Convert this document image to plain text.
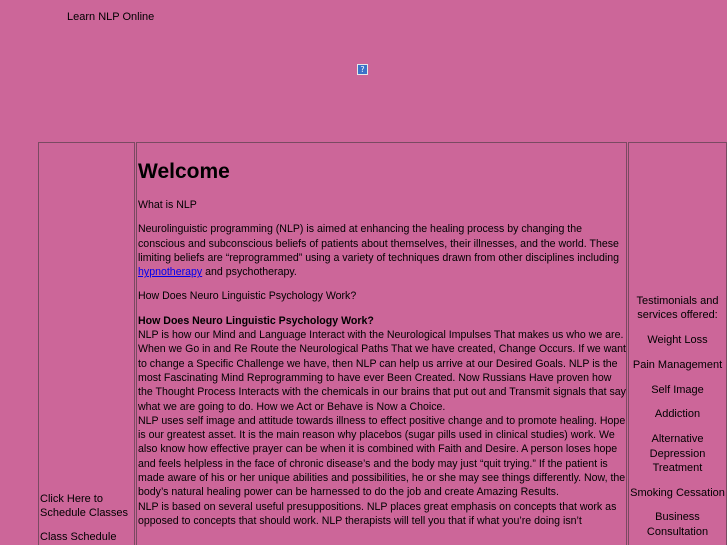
Learn NLP Online
?
Click Here to Schedule Classes
Class Schedule
Welcome

What is NLP

Neurolinguistic programming (NLP) is aimed at enhancing the healing process by changing the conscious and subconscious beliefs of patients about themselves, their illnesses, and the world. These limiting beliefs are “reprogrammed” using a variety of techniques drawn from other disciplines including hypnotherapy and psychotherapy.

How Does Neuro Linguistic Psychology Work?

How Does Neuro Linguistic Psychology Work?
NLP is how our Mind and Language Interact with the Neurological Impulses That makes us who we are. When we Go in and Re Route the Neurological Paths That we have created, Change Occurs. If we want to change a Specific Challenge we have, then NLP can help us arrive at our Desired Goals. NLP is the most Fascinating Mind Reprogramming to have ever Been Created. Now Russians Have proven how the Thought Process Interacts with the chemicals in our brains that put out and Transmit signals that say what we are going to do. How we Act or Behave is Now a Choice.
NLP uses self image and attitude towards illness to effect positive change and to promote healing. Hope is our greatest asset. It is the main reason why placebos (sugar pills used in clinical studies) work. We also know how effective prayer can be when it is combined with Faith and Desire. A person loses hope and feels helpless in the face of chronic disease’s and the body may just “quit trying.” If the patient is made aware of his or her unique abilities and possibilities, he or she may see things differently. Now, the body’s natural healing power can be harnessed to do the job and create Amazing Results.
NLP is based on several useful presuppositions. NLP places great emphasis on concepts that work as opposed to concepts that should work. NLP therapists will tell you that if what you’re doing isn’t
Testimonials and services offered:
Weight Loss
Pain Management
Self Image
Addiction
Alternative Depression Treatment
Smoking Cessation
Business Consultation
